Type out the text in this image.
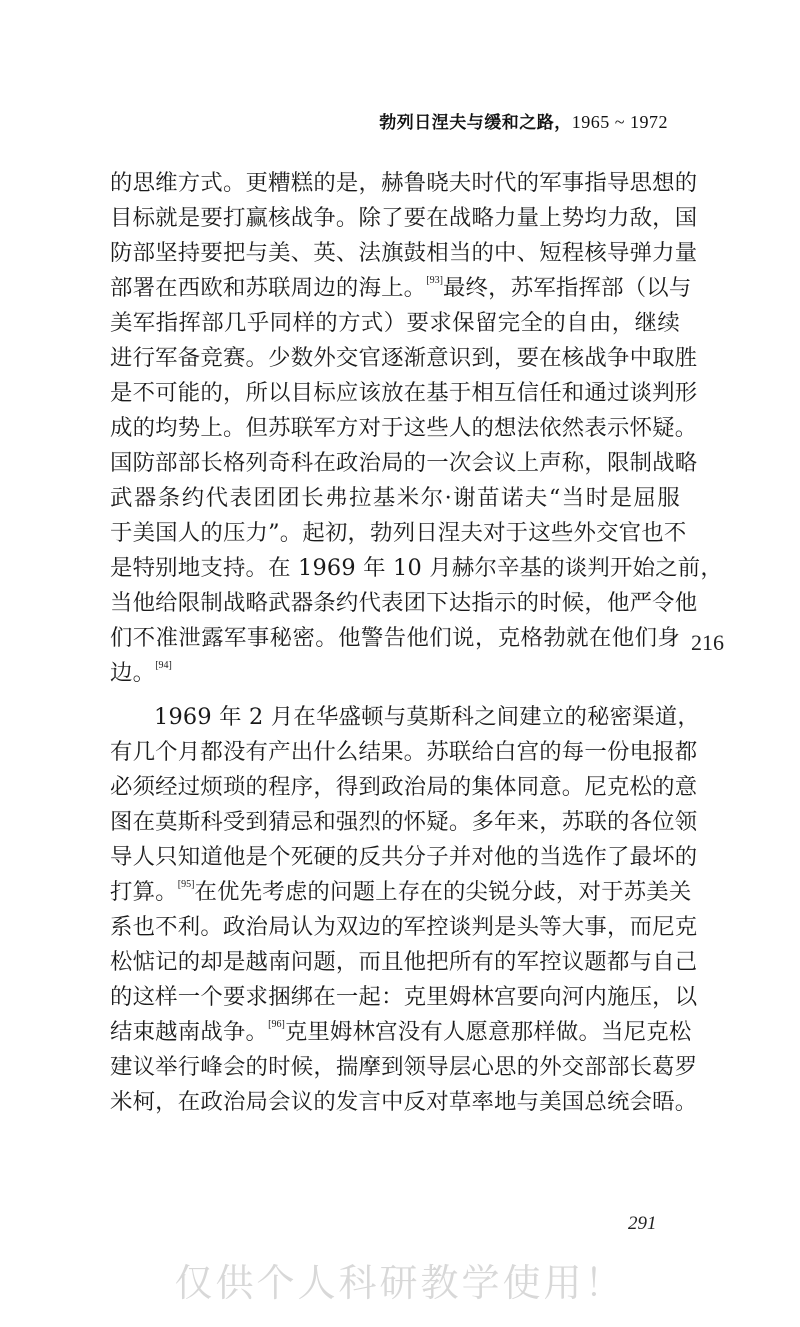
勃列日涅夫与缓和之路，1965 ~ 1972
的思维方式。更糟糕的是，赫鲁晓夫时代的军事指导思想的
目标就是要打赢核战争。除了要在战略力量上势均力敌，国
防部坚持要把与美、英、法旗鼓相当的中、短程核导弹力量
部署在西欧和苏联周边的海上。[93]最终，苏军指挥部（以与
美军指挥部几乎同样的方式）要求保留完全的自由，继续
进行军备竞赛。少数外交官逐渐意识到，要在核战争中取胜
是不可能的，所以目标应该放在基于相互信任和通过谈判形
成的均势上。但苏联军方对于这些人的想法依然表示怀疑。
国防部部长格列奇科在政治局的一次会议上声称，限制战略
武器条约代表团团长弗拉基米尔·谢苗诺夫“当时是屈服
于美国人的压力”。起初，勃列日涅夫对于这些外交官也不
是特别地支持。在 1969 年 10 月赫尔辛基的谈判开始之前，
当他给限制战略武器条约代表团下达指示的时候，他严令他
们不准泄露军事秘密。他警告他们说，克格勃就在他们身
边。[94]
1969 年 2 月在华盛顿与莫斯科之间建立的秘密渠道，
有几个月都没有产出什么结果。苏联给白宫的每一份电报都
必须经过烦琐的程序，得到政治局的集体同意。尼克松的意
图在莫斯科受到猜忌和强烈的怀疑。多年来，苏联的各位领
导人只知道他是个死硬的反共分子并对他的当选作了最坏的
打算。[95]在优先考虑的问题上存在的尖锐分歧，对于苏美关
系也不利。政治局认为双边的军控谈判是头等大事，而尼克
松惦记的却是越南问题，而且他把所有的军控议题都与自己
的这样一个要求捆绑在一起：克里姆林宫要向河内施压，以
结束越南战争。[96]克里姆林宫没有人愿意那样做。当尼克松
建议举行峰会的时候，揣摩到领导层心思的外交部部长葛罗
米柯，在政治局会议的发言中反对草率地与美国总统会晤。
216
291
仅供个人科研教学使用！
